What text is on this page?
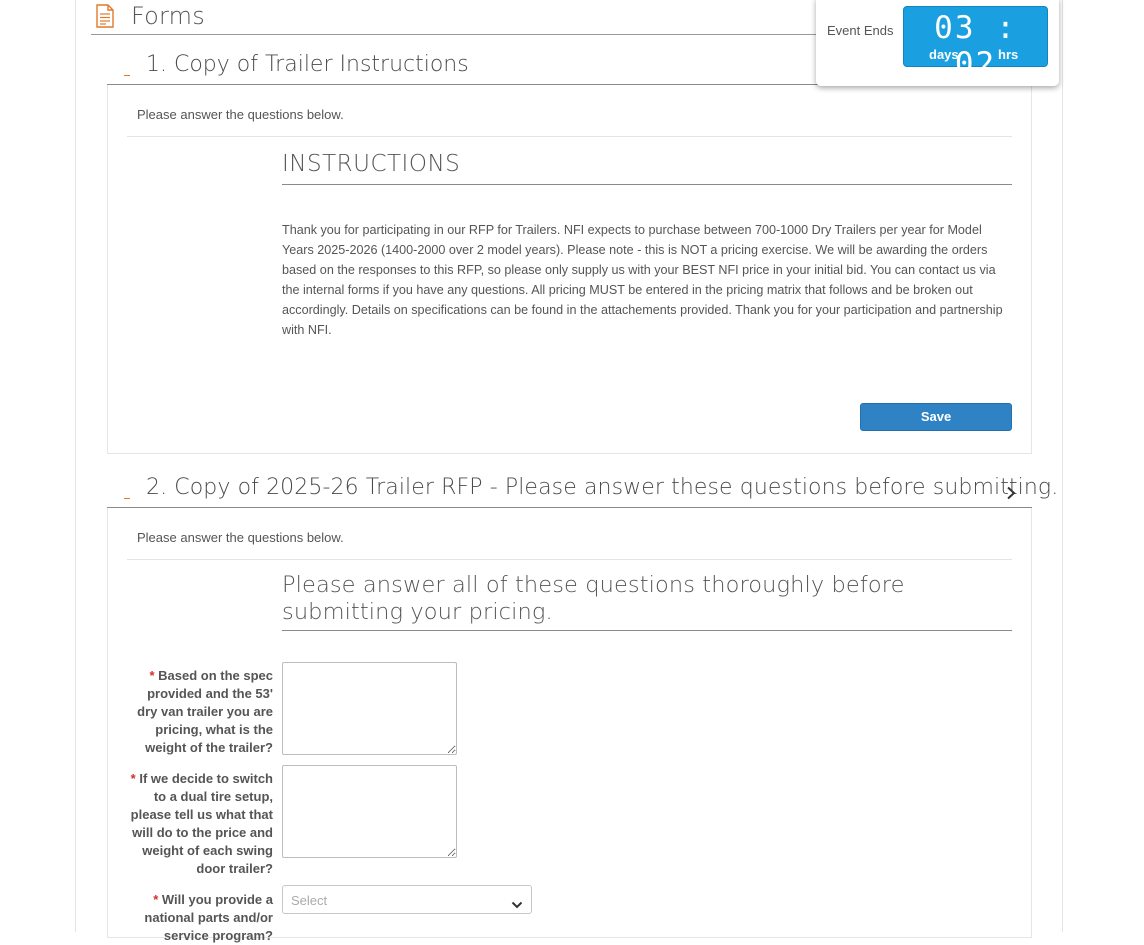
Forms
1. Copy of Trailer Instructions
Please answer the questions below.
INSTRUCTIONS
Thank you for participating in our RFP for Trailers. NFI expects to purchase between 700-1000 Dry Trailers per year for Model Years 2025-2026 (1400-2000 over 2 model years). Please note - this is NOT a pricing exercise. We will be awarding the orders based on the responses to this RFP, so please only supply us with your BEST NFI price in your initial bid. You can contact us via the internal forms if you have any questions. All pricing MUST be entered in the pricing matrix that follows and be broken out accordingly. Details on specifications can be found in the attachements provided. Thank you for your participation and partnership with NFI.
Save
2. Copy of 2025-26 Trailer RFP - Please answer these questions before submitting.
Please answer the questions below.
Please answer all of these questions thoroughly before submitting your pricing.
* Based on the spec provided and the 53' dry van trailer you are pricing, what is the weight of the trailer?
* If we decide to switch to a dual tire setup, please tell us what that will do to the price and weight of each swing door trailer?
* Will you provide a national parts and/or service program?
Select
Event Ends	03 : 02
days	hrs
